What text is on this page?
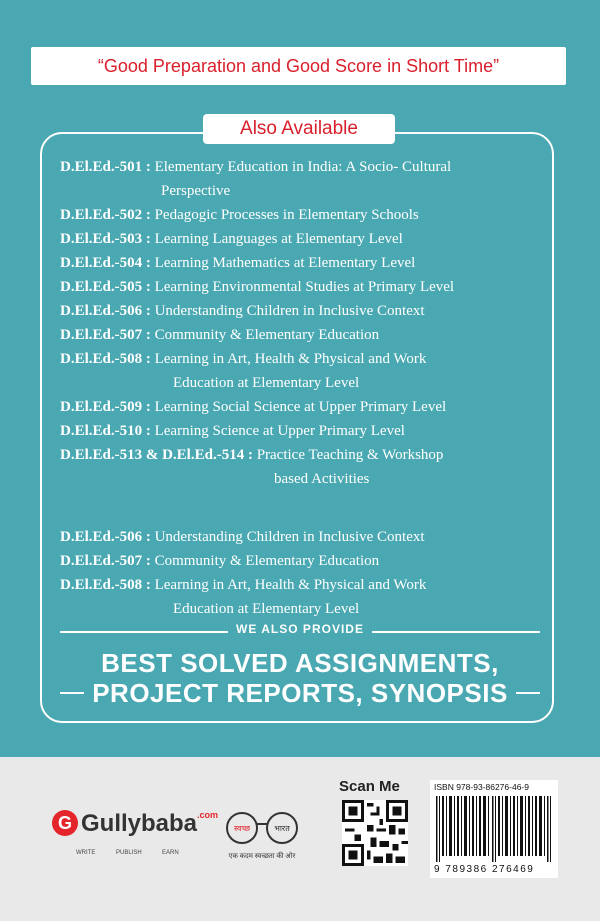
“Good Preparation and Good Score in Short Time”
Also Available
D.El.Ed.-501 : Elementary Education in India: A Socio- Cultural
Perspective
D.El.Ed.-502 : Pedagogic Processes in Elementary Schools
D.El.Ed.-503 : Learning Languages at Elementary Level
D.El.Ed.-504 : Learning Mathematics at Elementary Level
D.El.Ed.-505 : Learning Environmental Studies at Primary Level
D.El.Ed.-506 : Understanding Children in Inclusive Context
D.El.Ed.-507 : Community & Elementary Education
D.El.Ed.-508 : Learning in Art, Health & Physical and Work
Education at Elementary Level
D.El.Ed.-509 : Learning Social Science at Upper Primary Level
D.El.Ed.-510 : Learning Science at Upper Primary Level
D.El.Ed.-513 & D.El.Ed.-514 : Practice Teaching & Workshop
based Activities
D.El.Ed.-506 : Understanding Children in Inclusive Context
D.El.Ed.-507 : Community & Elementary Education
D.El.Ed.-508 : Learning in Art, Health & Physical and Work
Education at Elementary Level
WE ALSO PROVIDE
BEST SOLVED ASSIGNMENTS,
PROJECT REPORTS, SYNOPSIS
G Gullybaba$^{.com}$
WRITE	PUBLISH	EARN
स्वच्छ	भारत
एक कदम स्वच्छता की ओर
Scan Me	ISBN 978-93-86276-46-9
9 789386 276469
